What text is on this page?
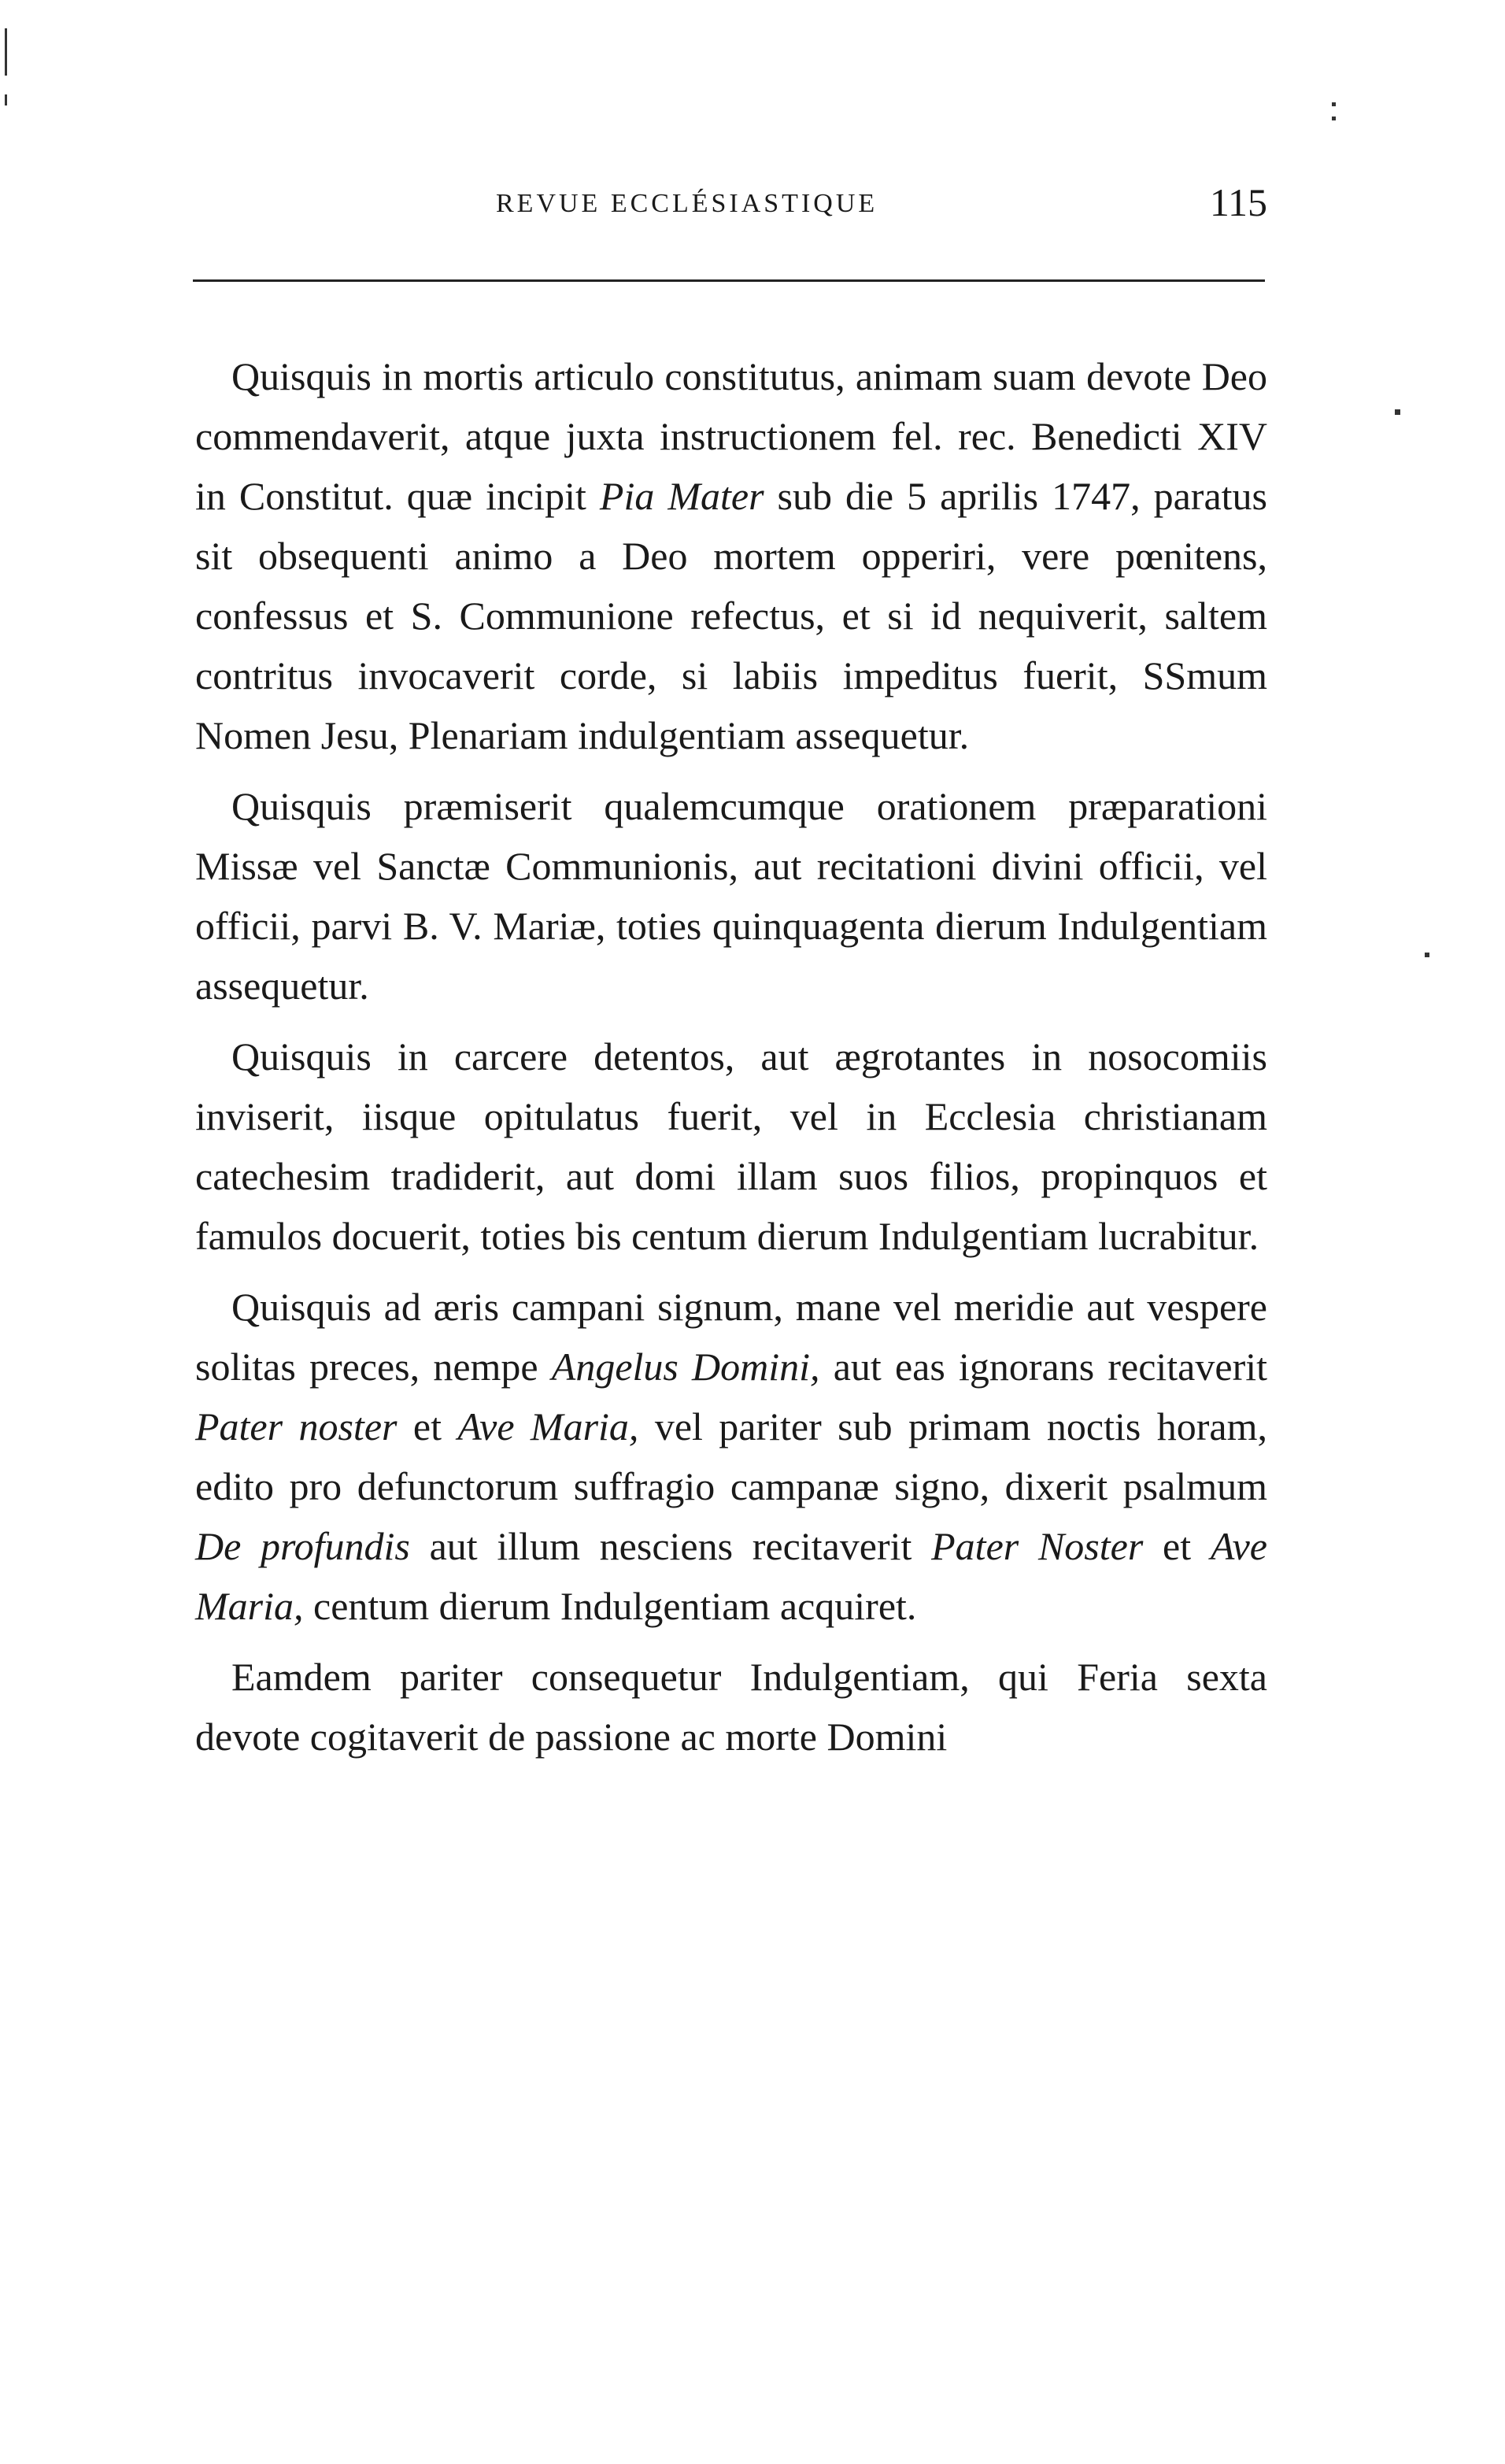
REVUE ECCLÉSIASTIQUE	115

Quisquis in mortis articulo constitutus, animam suam devote Deo commendaverit, atque juxta instructionem fel. rec. Benedicti XIV in Constitut. quæ incipit Pia Mater sub die 5 aprilis 1747, paratus sit obsequenti animo a Deo mortem opperiri, vere pœnitens, confessus et S. Communione refectus, et si id nequiverit, saltem contritus invocaverit corde, si labiis impeditus fuerit, SSmum Nomen Jesu, Plenariam indulgentiam assequetur.

Quisquis præmiserit qualemcumque orationem præparationi Missæ vel Sanctæ Communionis, aut recitationi divini officii, vel officii, parvi B. V. Mariæ, toties quinquagenta dierum Indulgentiam assequetur.

Quisquis in carcere detentos, aut ægrotantes in nosocomiis inviserit, iisque opitulatus fuerit, vel in Ecclesia christianam catechesim tradiderit, aut domi illam suos filios, propinquos et famulos docuerit, toties bis centum dierum Indulgentiam lucrabitur.

Quisquis ad æris campani signum, mane vel meridie aut vespere solitas preces, nempe Angelus Domini, aut eas ignorans recitaverit Pater noster et Ave Maria, vel pariter sub primam noctis horam, edito pro defunctorum suffragio campanæ signo, dixerit psalmum De profundis aut illum nesciens recitaverit Pater Noster et Ave Maria, centum dierum Indulgentiam acquiret.

Eamdem pariter consequetur Indulgentiam, qui Feria sexta devote cogitaverit de passione ac morte Domini
